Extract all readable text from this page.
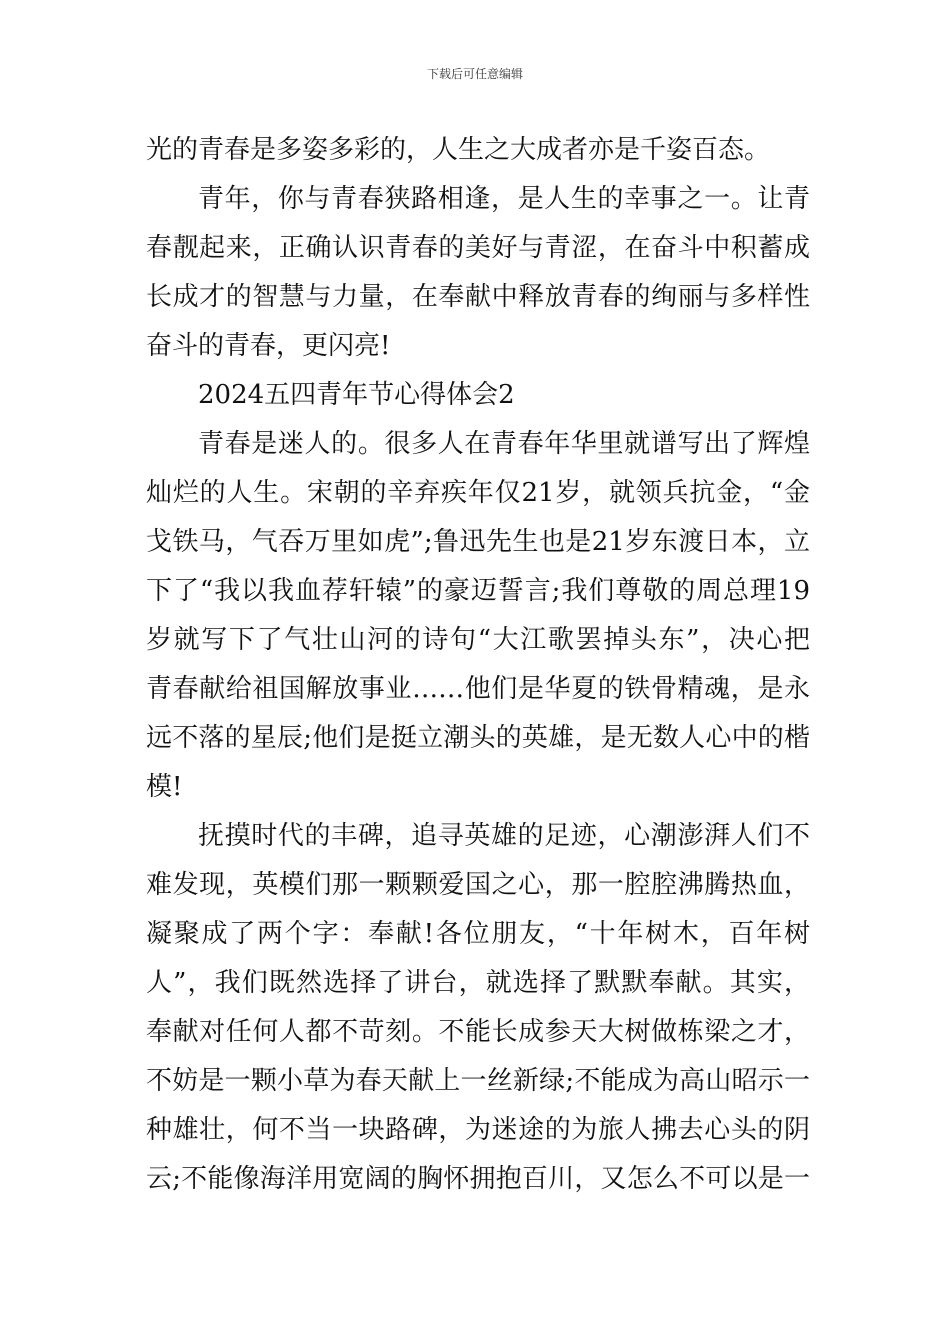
下载后可任意编辑
光的青春是多姿多彩的，人生之大成者亦是千姿百态。
青年，你与青春狭路相逢，是人生的幸事之一。让青
春靓起来，正确认识青春的美好与青涩，在奋斗中积蓄成
长成才的智慧与力量，在奉献中释放青春的绚丽与多样性
奋斗的青春，更闪亮!
2024五四青年节心得体会2
青春是迷人的。很多人在青春年华里就谱写出了辉煌
灿烂的人生。宋朝的辛弃疾年仅21岁，就领兵抗金，“金
戈铁马，气吞万里如虎”;鲁迅先生也是21岁东渡日本，立
下了“我以我血荐轩辕”的豪迈誓言;我们尊敬的周总理19
岁就写下了气壮山河的诗句“大江歌罢掉头东”，决心把
青春献给祖国解放事业……他们是华夏的铁骨精魂，是永
远不落的星辰;他们是挺立潮头的英雄，是无数人心中的楷
模!
抚摸时代的丰碑，追寻英雄的足迹，心潮澎湃人们不
难发现，英模们那一颗颗爱国之心，那一腔腔沸腾热血，
凝聚成了两个字：奉献!各位朋友，“十年树木，百年树
人”，我们既然选择了讲台，就选择了默默奉献。其实，
奉献对任何人都不苛刻。不能长成参天大树做栋梁之才，
不妨是一颗小草为春天献上一丝新绿;不能成为高山昭示一
种雄壮，何不当一块路碑，为迷途的为旅人拂去心头的阴
云;不能像海洋用宽阔的胸怀拥抱百川，又怎么不可以是一
